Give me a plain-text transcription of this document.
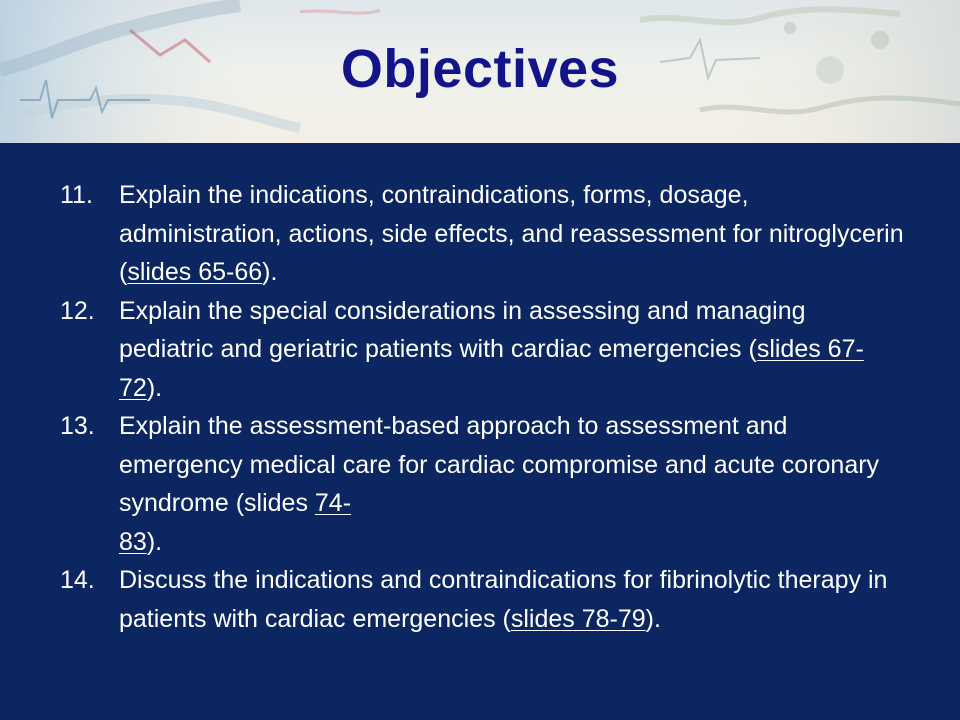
Objectives
11. Explain the indications, contraindications, forms, dosage, administration, actions, side effects, and reassessment for nitroglycerin (slides 65-66).
12. Explain the special considerations in assessing and managing pediatric and geriatric patients with cardiac emergencies (slides 67-72).
13. Explain the assessment-based approach to assessment and emergency medical care for cardiac compromise and acute coronary syndrome (slides 74-
83).
14. Discuss the indications and contraindications for fibrinolytic therapy in patients with cardiac emergencies (slides 78-79).
